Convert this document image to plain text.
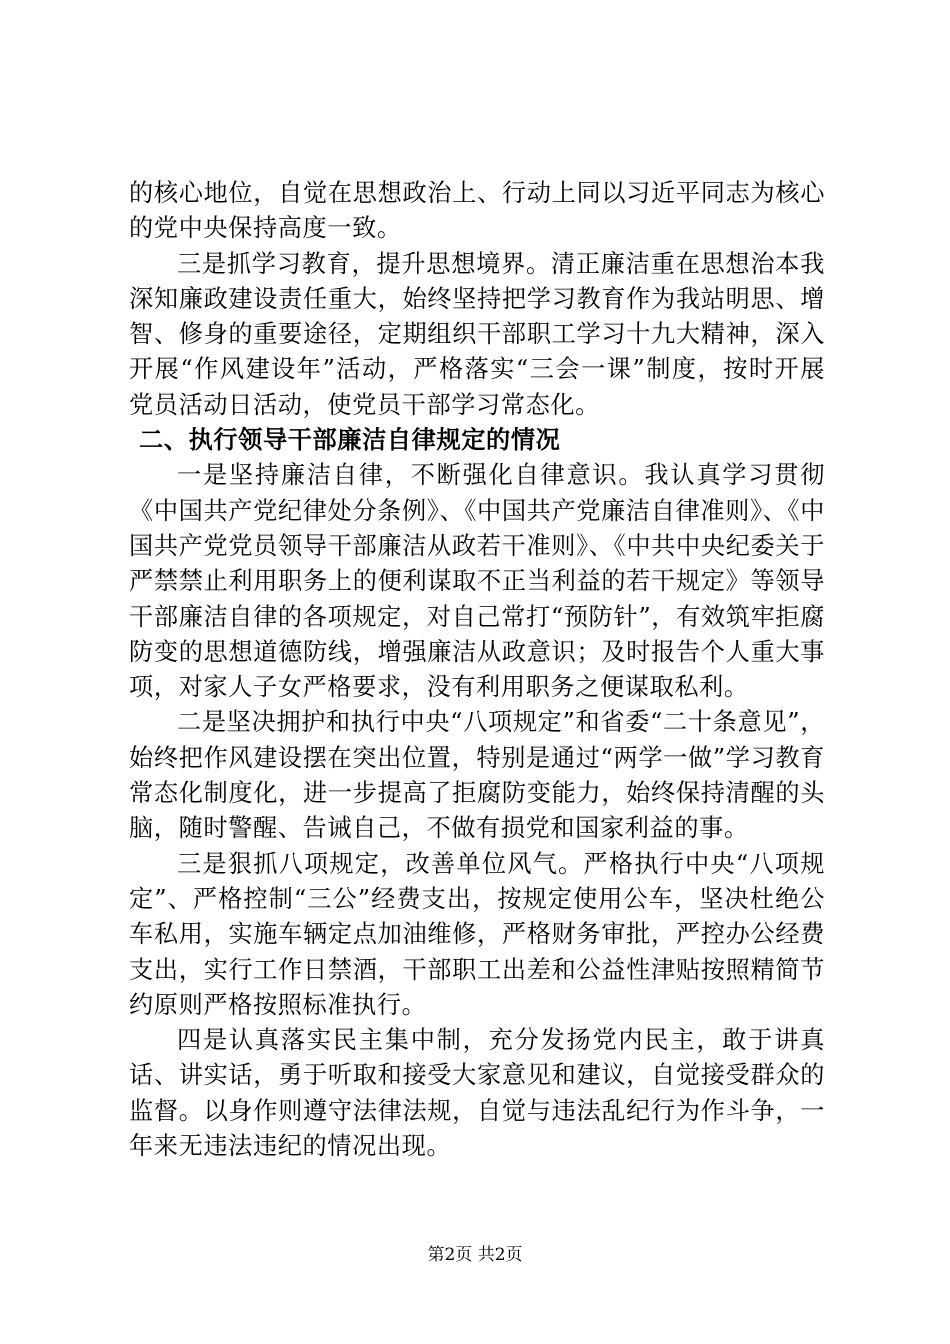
的核心地位，自觉在思想政治上、行动上同以习近平同志为核心的党中央保持高度一致。

三是抓学习教育，提升思想境界。清正廉洁重在思想治本我深知廉政建设责任重大，始终坚持把学习教育作为我站明思、增智、修身的重要途径，定期组织干部职工学习十九大精神，深入开展“作风建设年”活动，严格落实“三会一课”制度，按时开展党员活动日活动，使党员干部学习常态化。

二、执行领导干部廉洁自律规定的情况

一是坚持廉洁自律，不断强化自律意识。我认真学习贯彻《中国共产党纪律处分条例》、《中国共产党廉洁自律准则》、《中国共产党党员领导干部廉洁从政若干准则》、《中共中央纪委关于严禁禁止利用职务上的便利谋取不正当利益的若干规定》等领导干部廉洁自律的各项规定，对自己常打“预防针”，有效筑牢拒腐防变的思想道德防线，增强廉洁从政意识；及时报告个人重大事项，对家人子女严格要求，没有利用职务之便谋取私利。

二是坚决拥护和执行中央“八项规定”和省委“二十条意见”，始终把作风建设摆在突出位置，特别是通过“两学一做”学习教育常态化制度化，进一步提高了拒腐防变能力，始终保持清醒的头脑，随时警醒、告诫自己，不做有损党和国家利益的事。

三是狠抓八项规定，改善单位风气。严格执行中央“八项规定”、严格控制“三公”经费支出，按规定使用公车，坚决杜绝公车私用，实施车辆定点加油维修，严格财务审批，严控办公经费支出，实行工作日禁酒，干部职工出差和公益性津贴按照精简节约原则严格按照标准执行。

四是认真落实民主集中制，充分发扬党内民主，敢于讲真话、讲实话，勇于听取和接受大家意见和建议，自觉接受群众的监督。以身作则遵守法律法规，自觉与违法乱纪行为作斗争，一年来无违法违纪的情况出现。

第2页 共2页
